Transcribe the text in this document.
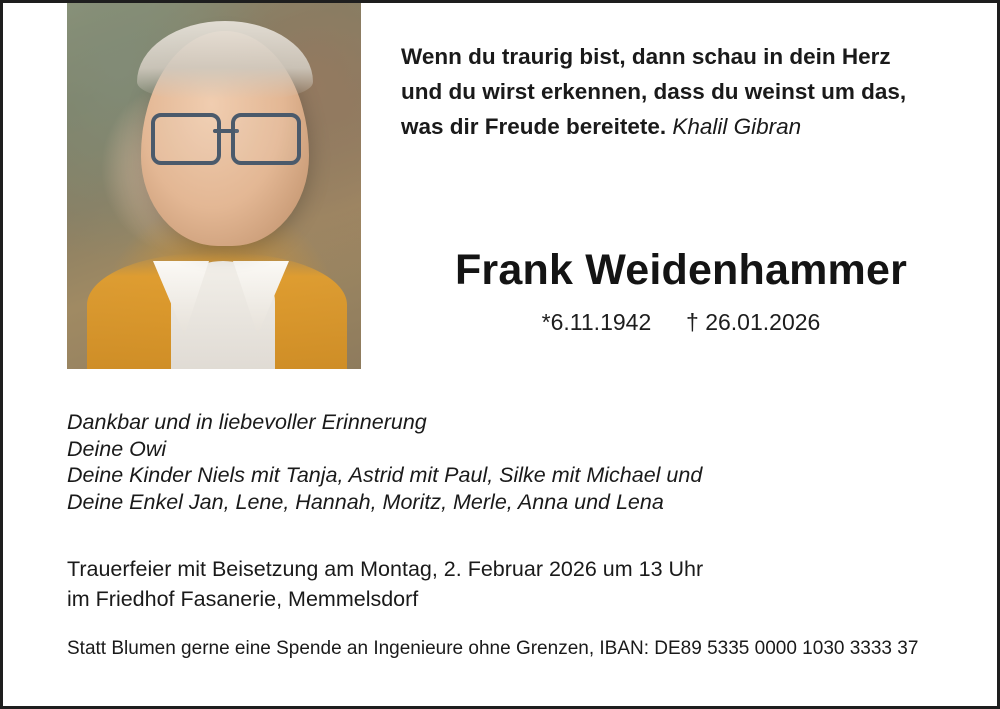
Wenn du traurig bist, dann schau in dein Herz
und du wirst erkennen, dass du weinst um das,
was dir Freude bereitete. Khalil Gibran
Frank Weidenhammer
*6.11.1942 † 26.01.2026
Dankbar und in liebevoller Erinnerung
Deine Owi
Deine Kinder Niels mit Tanja, Astrid mit Paul, Silke mit Michael und
Deine Enkel Jan, Lene, Hannah, Moritz, Merle, Anna und Lena
Trauerfeier mit Beisetzung am Montag, 2. Februar 2026 um 13 Uhr
im Friedhof Fasanerie, Memmelsdorf
Statt Blumen gerne eine Spende an Ingenieure ohne Grenzen, IBAN: DE89 5335 0000 1030 3333 37
